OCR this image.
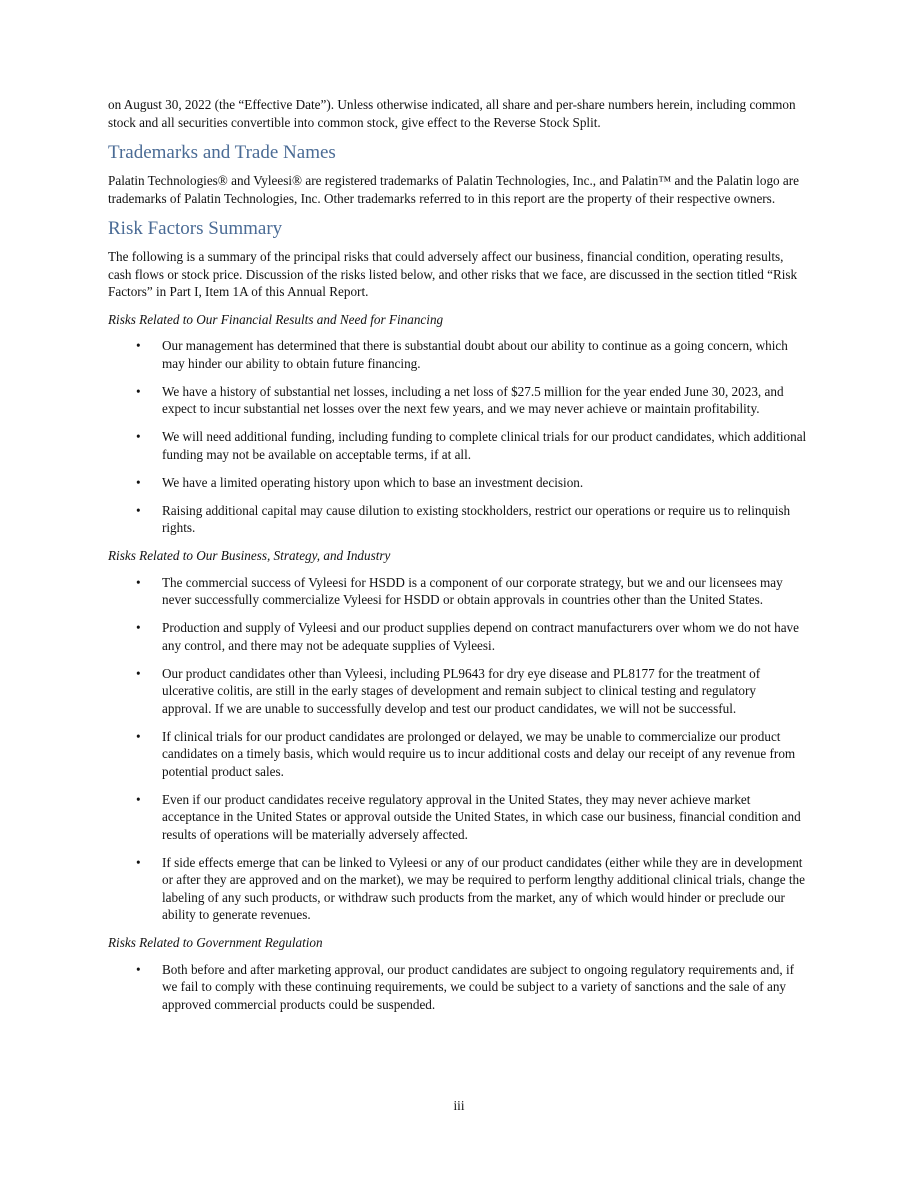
on August 30, 2022 (the “Effective Date”). Unless otherwise indicated, all share and per-share numbers herein, including common stock and all securities convertible into common stock, give effect to the Reverse Stock Split.

Trademarks and Trade Names

Palatin Technologies® and Vyleesi® are registered trademarks of Palatin Technologies, Inc., and Palatin™ and the Palatin logo are trademarks of Palatin Technologies, Inc. Other trademarks referred to in this report are the property of their respective owners.

Risk Factors Summary

The following is a summary of the principal risks that could adversely affect our business, financial condition, operating results, cash flows or stock price. Discussion of the risks listed below, and other risks that we face, are discussed in the section titled “Risk Factors” in Part I, Item 1A of this Annual Report.

Risks Related to Our Financial Results and Need for Financing

• Our management has determined that there is substantial doubt about our ability to continue as a going concern, which may hinder our ability to obtain future financing.
• We have a history of substantial net losses, including a net loss of $27.5 million for the year ended June 30, 2023, and expect to incur substantial net losses over the next few years, and we may never achieve or maintain profitability.
• We will need additional funding, including funding to complete clinical trials for our product candidates, which additional funding may not be available on acceptable terms, if at all.
• We have a limited operating history upon which to base an investment decision.
• Raising additional capital may cause dilution to existing stockholders, restrict our operations or require us to relinquish rights.

Risks Related to Our Business, Strategy, and Industry

• The commercial success of Vyleesi for HSDD is a component of our corporate strategy, but we and our licensees may never successfully commercialize Vyleesi for HSDD or obtain approvals in countries other than the United States.
• Production and supply of Vyleesi and our product supplies depend on contract manufacturers over whom we do not have any control, and there may not be adequate supplies of Vyleesi.
• Our product candidates other than Vyleesi, including PL9643 for dry eye disease and PL8177 for the treatment of ulcerative colitis, are still in the early stages of development and remain subject to clinical testing and regulatory approval. If we are unable to successfully develop and test our product candidates, we will not be successful.
• If clinical trials for our product candidates are prolonged or delayed, we may be unable to commercialize our product candidates on a timely basis, which would require us to incur additional costs and delay our receipt of any revenue from potential product sales.
• Even if our product candidates receive regulatory approval in the United States, they may never achieve market acceptance in the United States or approval outside the United States, in which case our business, financial condition and results of operations will be materially adversely affected.
• If side effects emerge that can be linked to Vyleesi or any of our product candidates (either while they are in development or after they are approved and on the market), we may be required to perform lengthy additional clinical trials, change the labeling of any such products, or withdraw such products from the market, any of which would hinder or preclude our ability to generate revenues.

Risks Related to Government Regulation

• Both before and after marketing approval, our product candidates are subject to ongoing regulatory requirements and, if we fail to comply with these continuing requirements, we could be subject to a variety of sanctions and the sale of any approved commercial products could be suspended.
iii
